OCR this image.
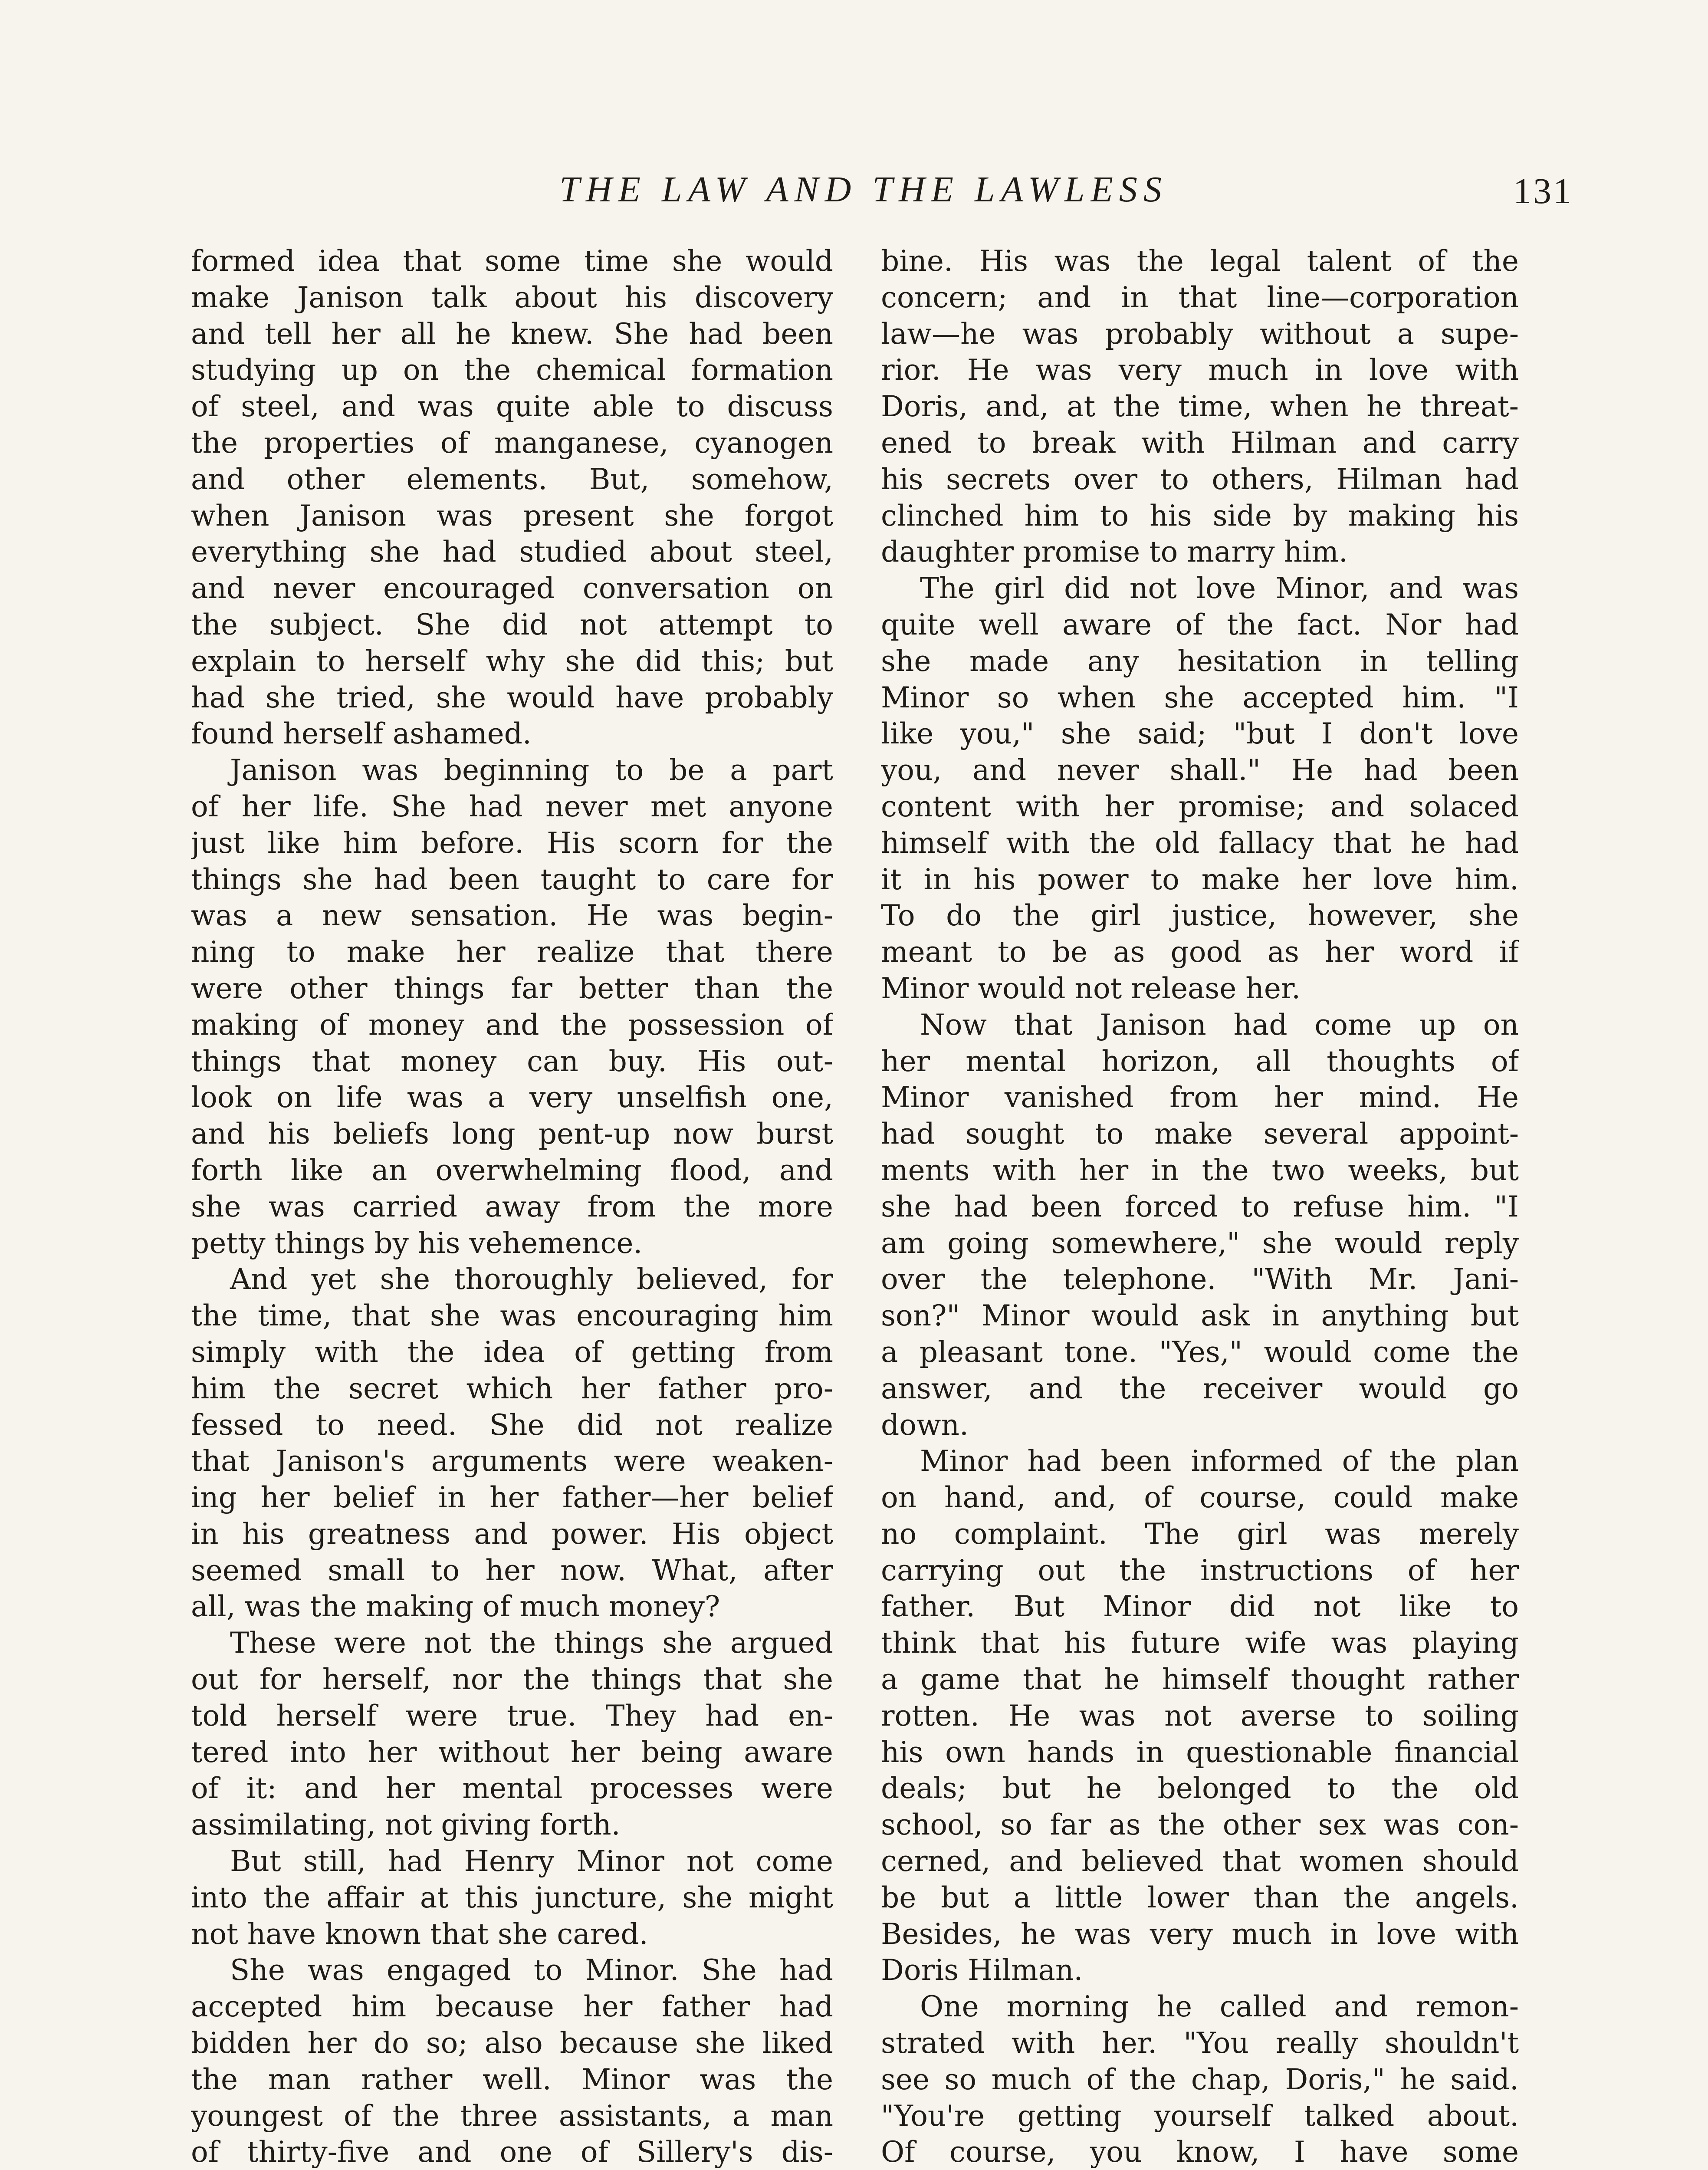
THE LAW AND THE LAWLESS	131
formed idea that some time she would
make Janison talk about his discovery
and tell her all he knew. She had been
studying up on the chemical formation
of steel, and was quite able to discuss
the properties of manganese, cyanogen
and other elements. But, somehow,
when Janison was present she forgot
everything she had studied about steel,
and never encouraged conversation on
the subject. She did not attempt to
explain to herself why she did this; but
had she tried, she would have probably
found herself ashamed.
Janison was beginning to be a part
of her life. She had never met anyone
just like him before. His scorn for the
things she had been taught to care for
was a new sensation. He was begin-
ning to make her realize that there
were other things far better than the
making of money and the possession of
things that money can buy. His out-
look on life was a very unselfish one,
and his beliefs long pent-up now burst
forth like an overwhelming flood, and
she was carried away from the more
petty things by his vehemence.
And yet she thoroughly believed, for
the time, that she was encouraging him
simply with the idea of getting from
him the secret which her father pro-
fessed to need. She did not realize
that Janison's arguments were weaken-
ing her belief in her father—her belief
in his greatness and power. His object
seemed small to her now. What, after
all, was the making of much money?
These were not the things she argued
out for herself, nor the things that she
told herself were true. They had en-
tered into her without her being aware
of it: and her mental processes were
assimilating, not giving forth.
But still, had Henry Minor not come
into the affair at this juncture, she might
not have known that she cared.
She was engaged to Minor. She had
accepted him because her father had
bidden her do so; also because she liked
the man rather well. Minor was the
youngest of the three assistants, a man
of thirty-five and one of Sillery's dis-
bine. His was the legal talent of the
concern; and in that line—corporation
law—he was probably without a supe-
rior. He was very much in love with
Doris, and, at the time, when he threat-
ened to break with Hilman and carry
his secrets over to others, Hilman had
clinched him to his side by making his
daughter promise to marry him.
The girl did not love Minor, and was
quite well aware of the fact. Nor had
she made any hesitation in telling
Minor so when she accepted him. "I
like you," she said; "but I don't love
you, and never shall." He had been
content with her promise; and solaced
himself with the old fallacy that he had
it in his power to make her love him.
To do the girl justice, however, she
meant to be as good as her word if
Minor would not release her.
Now that Janison had come up on
her mental horizon, all thoughts of
Minor vanished from her mind. He
had sought to make several appoint-
ments with her in the two weeks, but
she had been forced to refuse him. "I
am going somewhere," she would reply
over the telephone. "With Mr. Jani-
son?" Minor would ask in anything but
a pleasant tone. "Yes," would come the
answer, and the receiver would go
down.
Minor had been informed of the plan
on hand, and, of course, could make
no complaint. The girl was merely
carrying out the instructions of her
father. But Minor did not like to
think that his future wife was playing
a game that he himself thought rather
rotten. He was not averse to soiling
his own hands in questionable financial
deals; but he belonged to the old
school, so far as the other sex was con-
cerned, and believed that women should
be but a little lower than the angels.
Besides, he was very much in love with
Doris Hilman.
One morning he called and remon-
strated with her. "You really shouldn't
see so much of the chap, Doris," he said.
"You're getting yourself talked about.
Of course, you know, I have some
